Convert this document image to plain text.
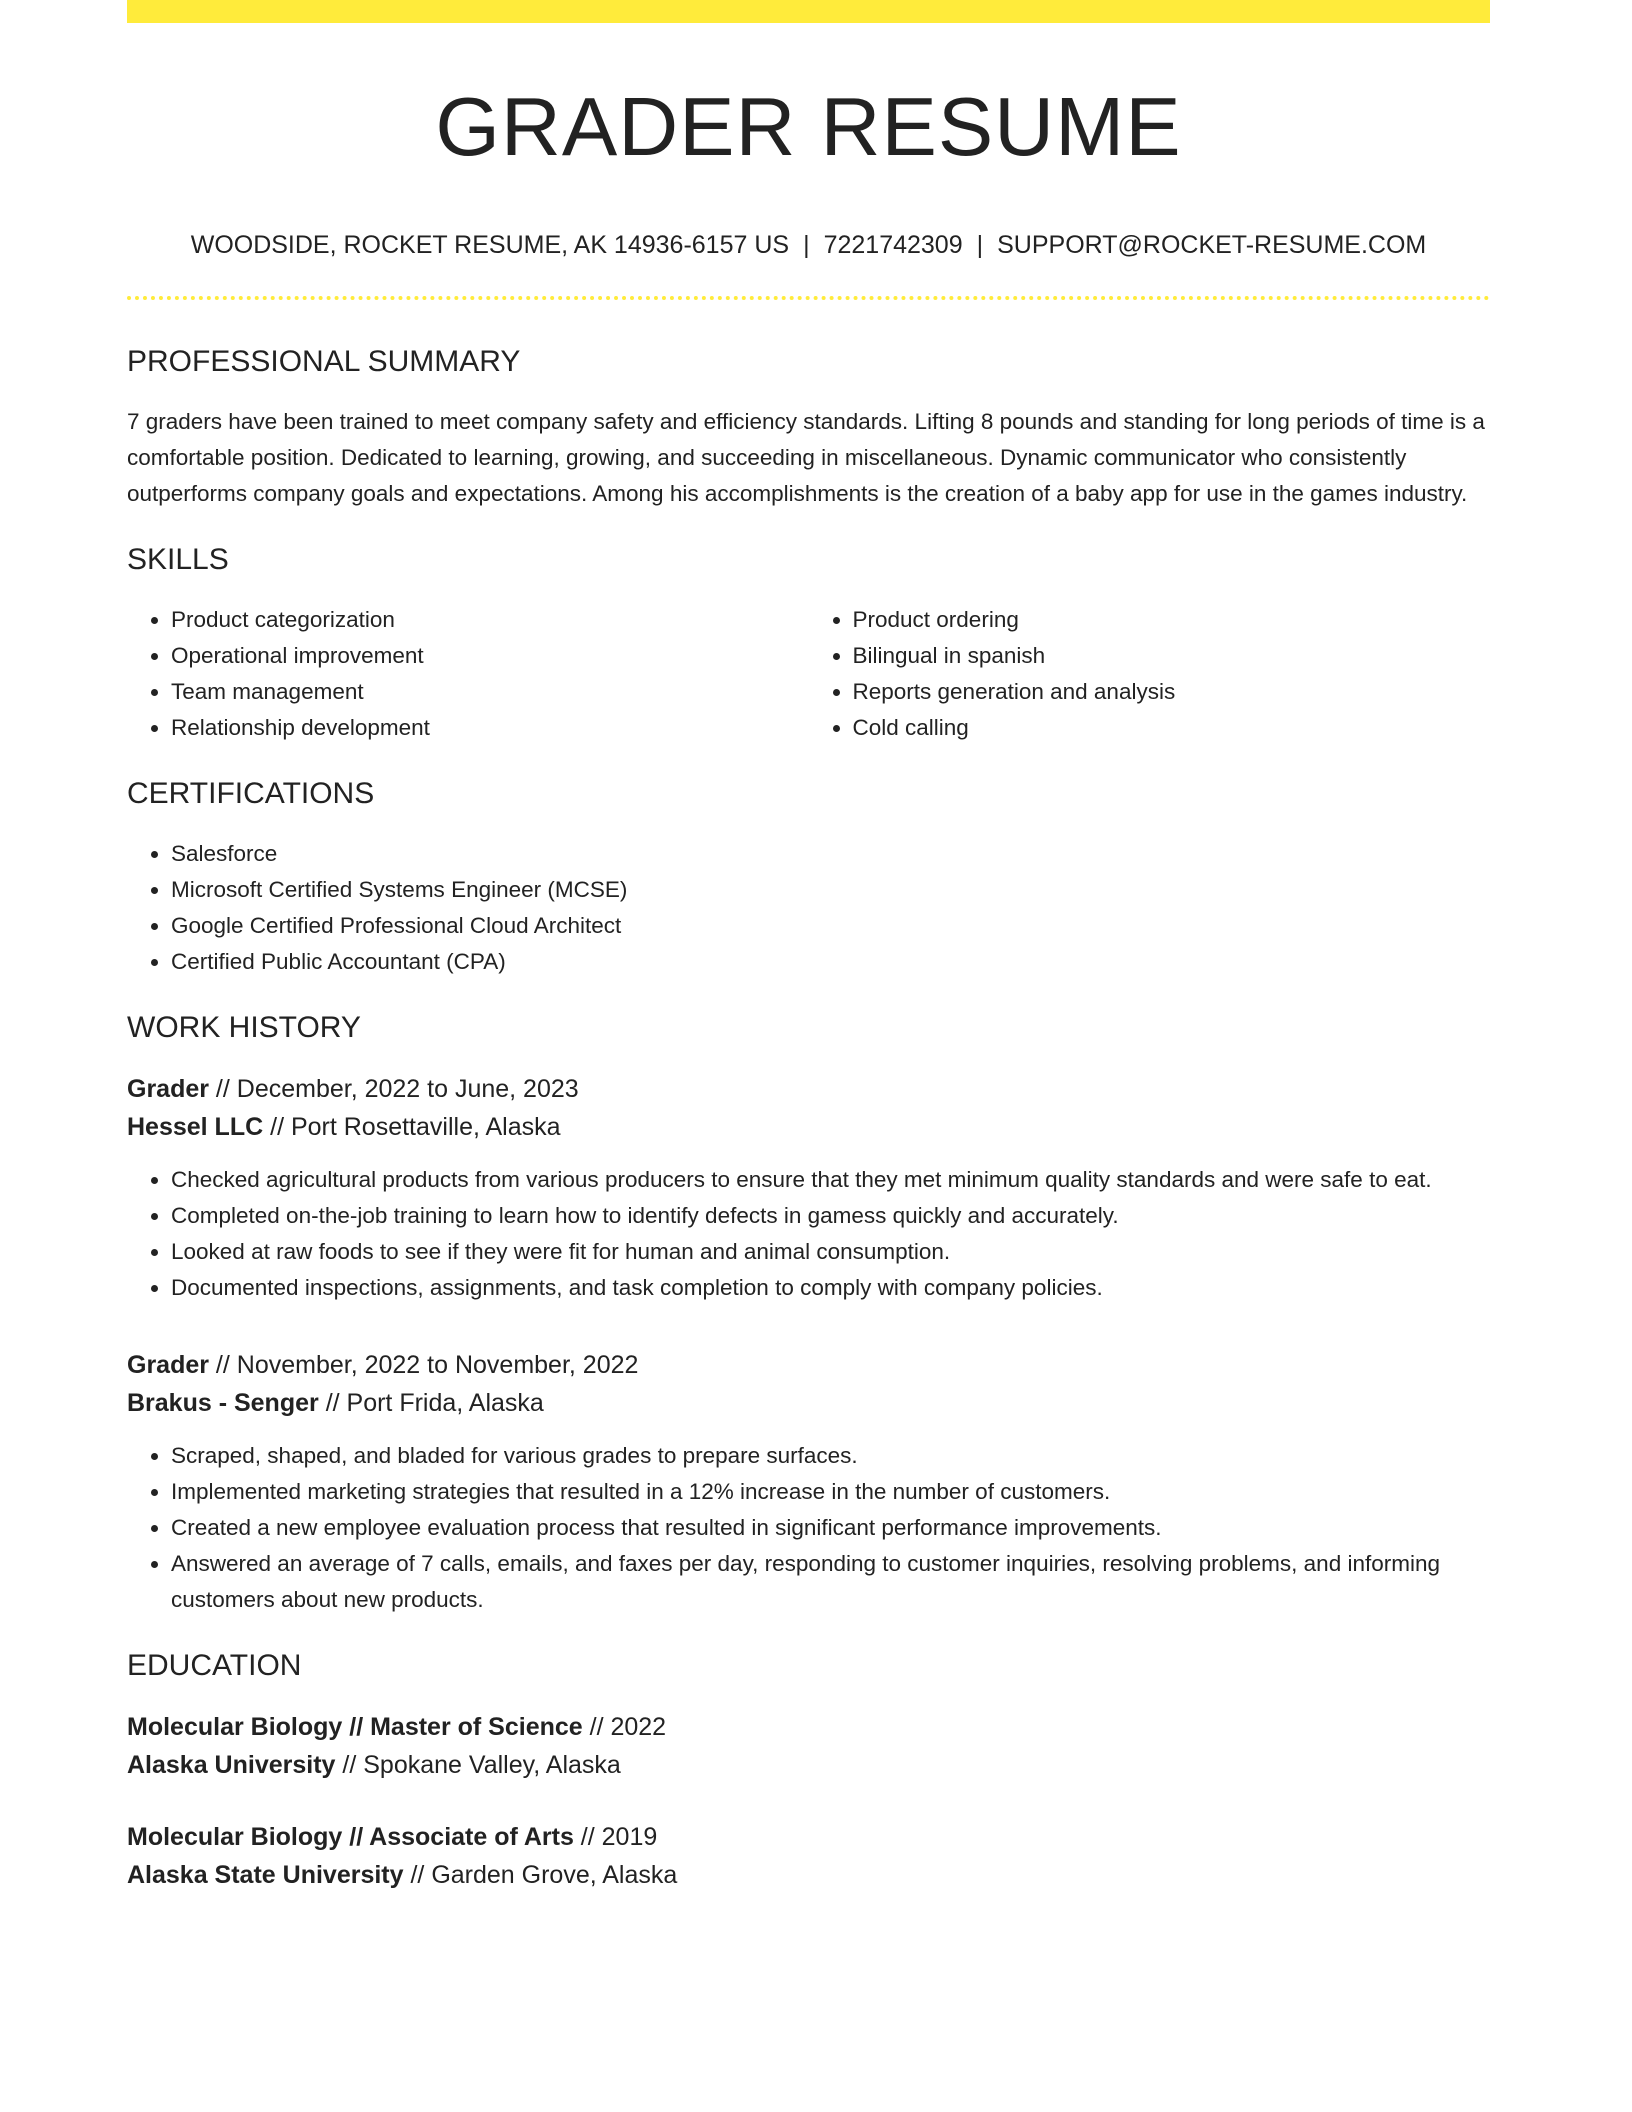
GRADER RESUME
WOODSIDE, ROCKET RESUME, AK 14936-6157 US | 7221742309 | SUPPORT@ROCKET-RESUME.COM
PROFESSIONAL SUMMARY

7 graders have been trained to meet company safety and efficiency standards. Lifting 8 pounds and standing for long periods of time is a comfortable position. Dedicated to learning, growing, and succeeding in miscellaneous. Dynamic communicator who consistently outperforms company goals and expectations. Among his accomplishments is the creation of a baby app for use in the games industry.

SKILLS
• Product categorization
• Operational improvement
• Team management
• Relationship development
• Product ordering
• Bilingual in spanish
• Reports generation and analysis
• Cold calling
CERTIFICATIONS
• Salesforce
• Microsoft Certified Systems Engineer (MCSE)
• Google Certified Professional Cloud Architect
• Certified Public Accountant (CPA)
WORK HISTORY
Grader // December, 2022 to June, 2023
Hessel LLC // Port Rosettaville, Alaska
• Checked agricultural products from various producers to ensure that they met minimum quality standards and were safe to eat.
• Completed on-the-job training to learn how to identify defects in gamess quickly and accurately.
• Looked at raw foods to see if they were fit for human and animal consumption.
• Documented inspections, assignments, and task completion to comply with company policies.
Grader // November, 2022 to November, 2022
Brakus - Senger // Port Frida, Alaska
• Scraped, shaped, and bladed for various grades to prepare surfaces.
• Implemented marketing strategies that resulted in a 12% increase in the number of customers.
• Created a new employee evaluation process that resulted in significant performance improvements.
• Answered an average of 7 calls, emails, and faxes per day, responding to customer inquiries, resolving problems, and informing customers about new products.
EDUCATION
Molecular Biology // Master of Science // 2022
Alaska University // Spokane Valley, Alaska
Molecular Biology // Associate of Arts // 2019
Alaska State University // Garden Grove, Alaska
